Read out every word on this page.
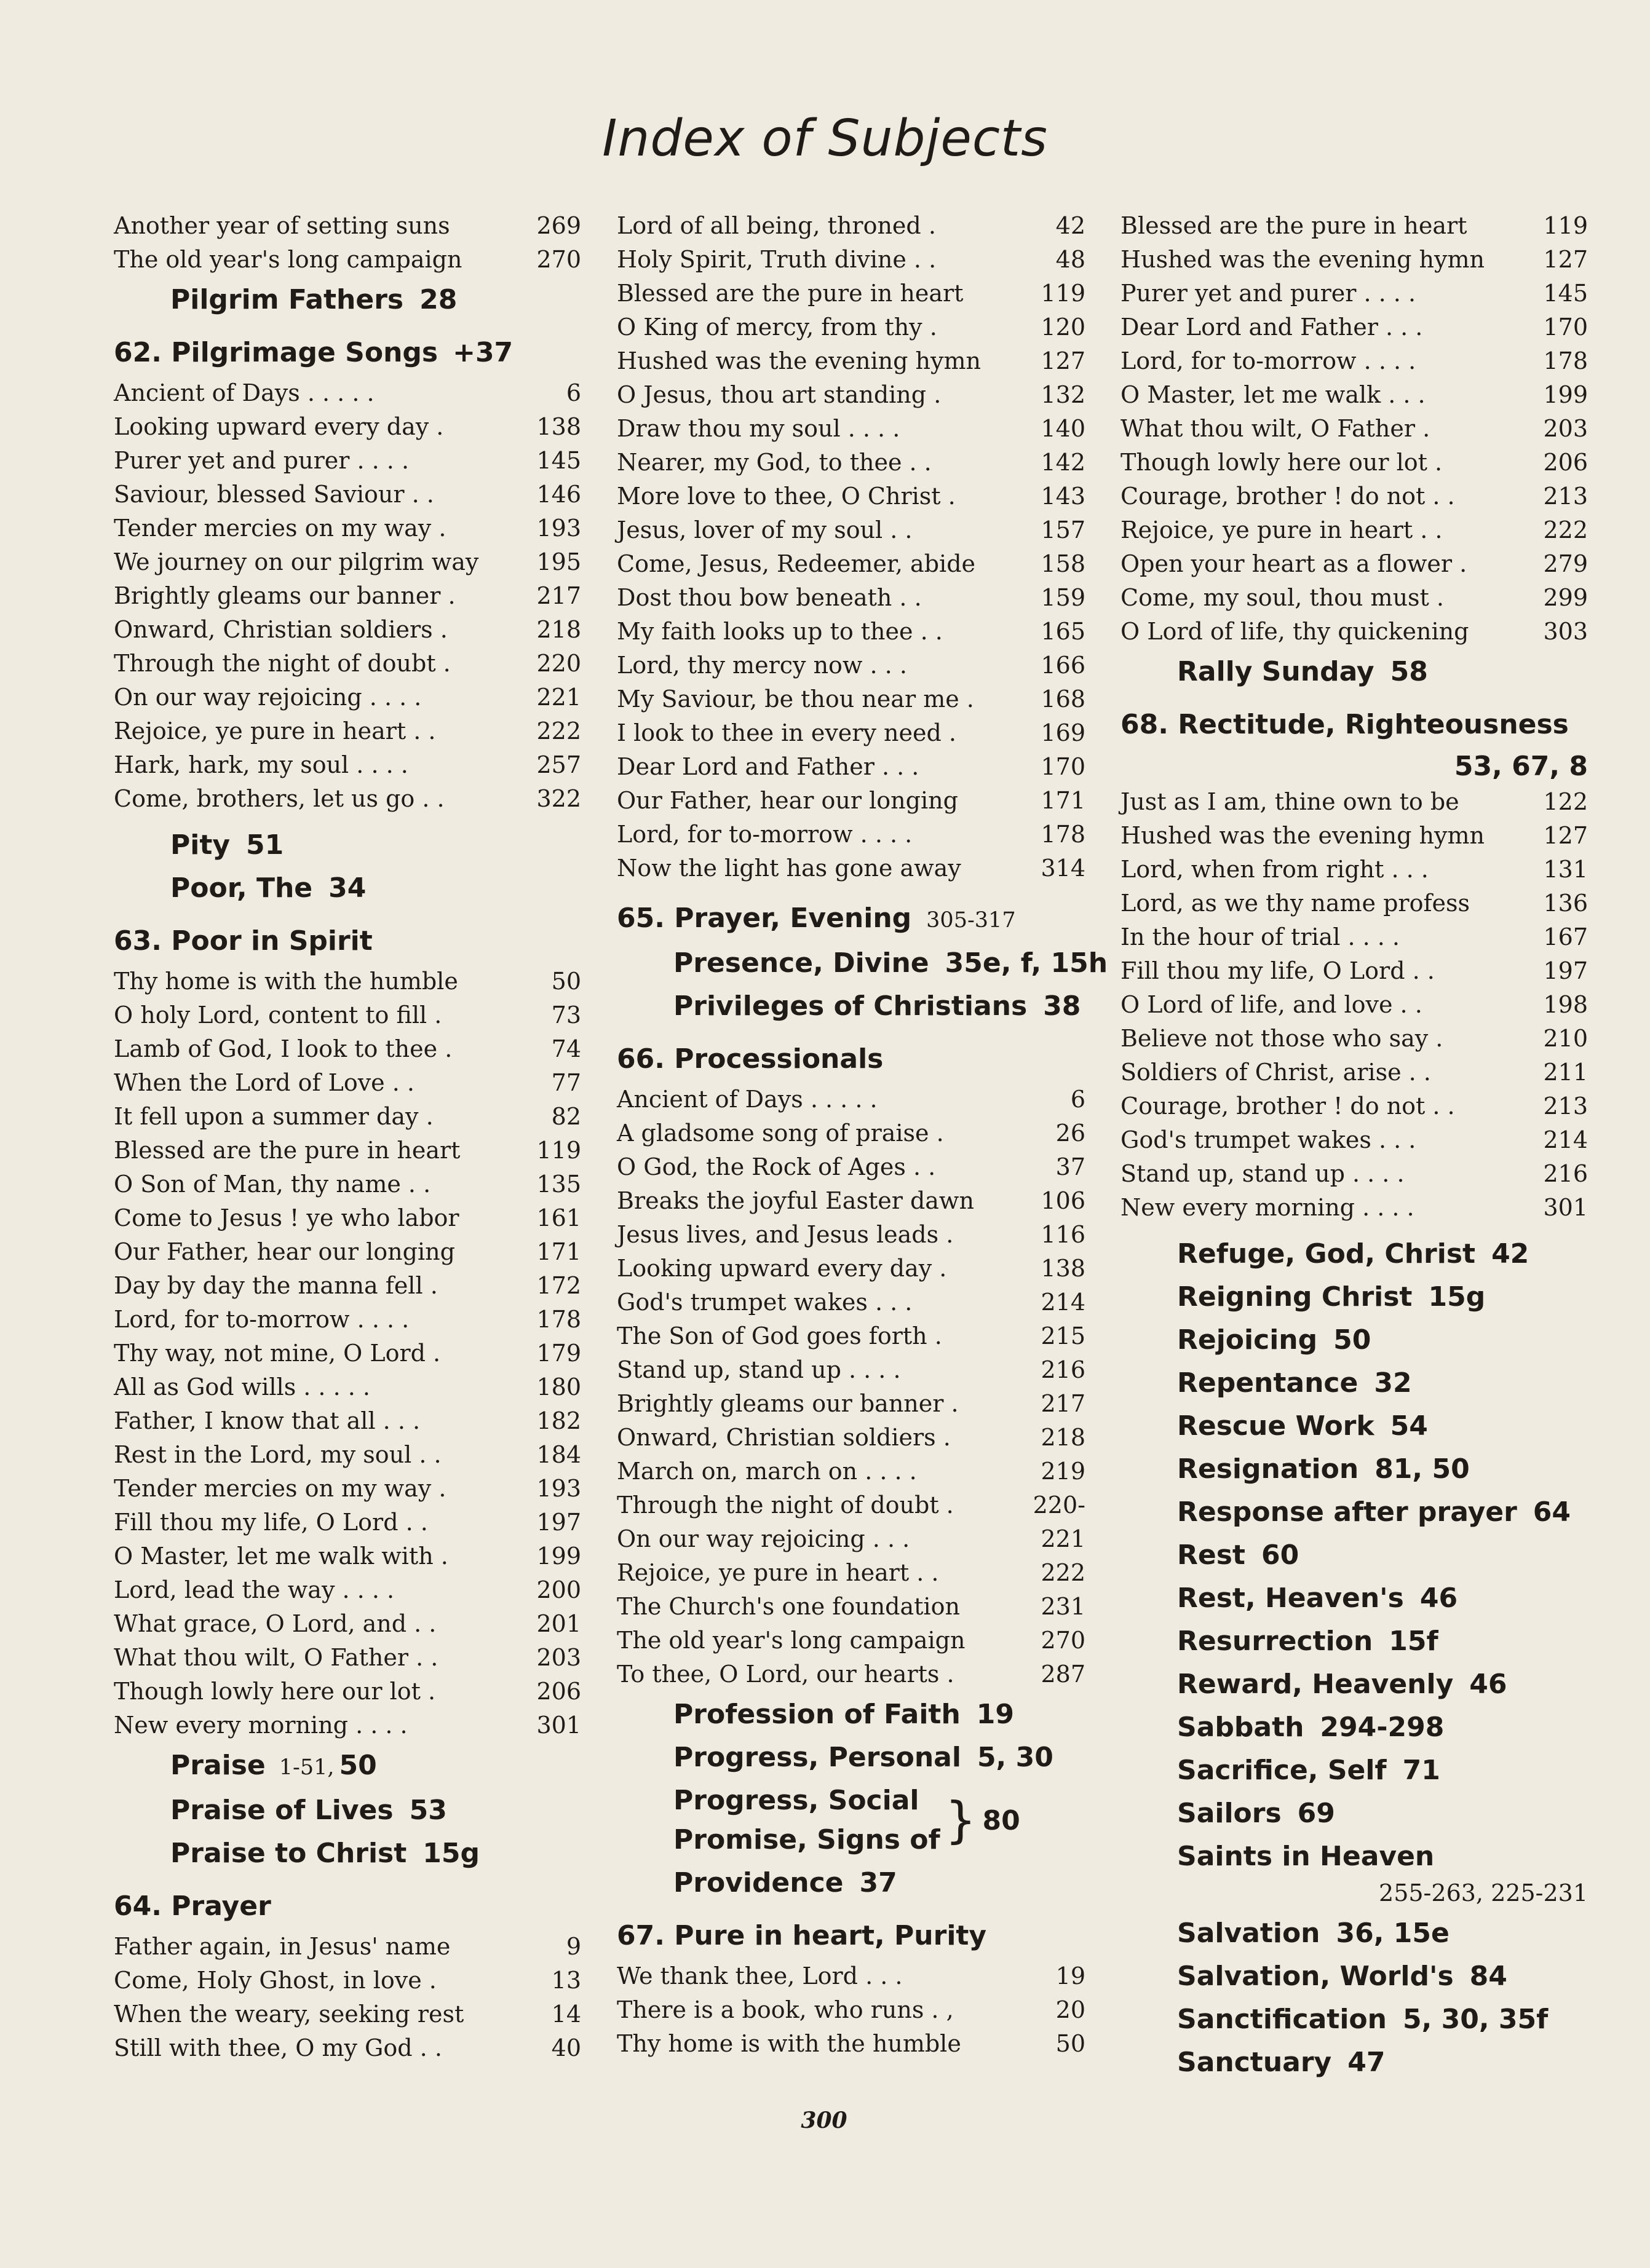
Index of Subjects
Another year of setting suns	269
The old year's long campaign	270
Pilgrim Fathers 28
62. Pilgrimage Songs +37
Ancient of Days . . . . .	6
Looking upward every day .	138
Purer yet and purer . . . .	145
Saviour, blessed Saviour . .	146
Tender mercies on my way .	193
We journey on our pilgrim way 195
Brightly gleams our banner .	217
Onward, Christian soldiers .	218
Through the night of doubt .	220
On our way rejoicing . . . .	221
Rejoice, ye pure in heart . .	222
Hark, hark, my soul . . . .	257
Come, brothers, let us go . .	322
Pity 51
Poor, The 34
63. Poor in Spirit
Thy home is with the humble	50
O holy Lord, content to fill .	73
Lamb of God, I look to thee .	74
When the Lord of Love . .	77
It fell upon a summer day .	82
Blessed are the pure in heart	119
O Son of Man, thy name . .	135
Come to Jesus ! ye who labor	161
Our Father, hear our longing	171
Day by day the manna fell .	172
Lord, for to-morrow . . . .	178
Thy way, not mine, O Lord .	179
All as God wills . . . . .	180
Father, I know that all . . .	182
Rest in the Lord, my soul . .	184
Tender mercies on my way .	193
Fill thou my life, O Lord . .	197
O Master, let me walk with .	199
Lord, lead the way . . . .	200
What grace, O Lord, and . .	201
What thou wilt, O Father . .	203
Though lowly here our lot .	206
New every morning . . . .	301
Praise 1-51, 50
Praise of Lives 53
Praise to Christ 15g
64. Prayer
Father again, in Jesus' name	9
Come, Holy Ghost, in love .	13
When the weary, seeking rest	14
Still with thee, O my God . .	40
Lord of all being, throned .	42
Holy Spirit, Truth divine . .	48
Blessed are the pure in heart	119
O King of mercy, from thy .	120
Hushed was the evening hymn	127
O Jesus, thou art standing .	132
Draw thou my soul . . . .	140
Nearer, my God, to thee . .	142
More love to thee, O Christ .	143
Jesus, lover of my soul . .	157
Come, Jesus, Redeemer, abide	158
Dost thou bow beneath . .	159
My faith looks up to thee . .	165
Lord, thy mercy now . . .	166
My Saviour, be thou near me .	168
I look to thee in every need .	169
Dear Lord and Father . . .	170
Our Father, hear our longing	171
Lord, for to-morrow . . . .	178
Now the light has gone away	314
65. Prayer, Evening 305-317
Presence, Divine 35e, f, 15h
Privileges of Christians 38
66. Processionals
Ancient of Days . . . . .	6
A gladsome song of praise .	26
O God, the Rock of Ages . .	37
Breaks the joyful Easter dawn	106
Jesus lives, and Jesus leads .	116
Looking upward every day .	138
God's trumpet wakes . . .	214
The Son of God goes forth .	215
Stand up, stand up . . . .	216
Brightly gleams our banner .	217
Onward, Christian soldiers .	218
March on, march on . . . .	219
Through the night of doubt .	220-
On our way rejoicing . . .	221
Rejoice, ye pure in heart . .	222
The Church's one foundation	231
The old year's long campaign	270
To thee, O Lord, our hearts .	287
Profession of Faith 19
Progress, Personal 5, 30
Progress, Social
Promise, Signs of } 80
Providence 37
67. Pure in heart, Purity
We thank thee, Lord . . .	19
There is a book, who runs . ,	20
Thy home is with the humble	50
Blessed are the pure in heart	119
Hushed was the evening hymn	127
Purer yet and purer . . . .	145
Dear Lord and Father . . .	170
Lord, for to-morrow . . . .	178
O Master, let me walk . . .	199
What thou wilt, O Father .	203
Though lowly here our lot .	206
Courage, brother ! do not . .	213
Rejoice, ye pure in heart . .	222
Open your heart as a flower .	279
Come, my soul, thou must .	299
O Lord of life, thy quickening	303
Rally Sunday 58
68. Rectitude, Righteousness
53, 67, 8
Just as I am, thine own to be	122
Hushed was the evening hymn	127
Lord, when from right . . .	131
Lord, as we thy name profess	136
In the hour of trial . . . .	167
Fill thou my life, O Lord . .	197
O Lord of life, and love . .	198
Believe not those who say .	210
Soldiers of Christ, arise . .	211
Courage, brother ! do not . .	213
God's trumpet wakes . . .	214
Stand up, stand up . . . .	216
New every morning . . . .	301
Refuge, God, Christ 42
Reigning Christ 15g
Rejoicing 50
Repentance 32
Rescue Work 54
Resignation 81, 50
Response after prayer 64
Rest 60
Rest, Heaven's 46
Resurrection 15f
Reward, Heavenly 46
Sabbath 294-298
Sacrifice, Self 71
Sailors 69
Saints in Heaven
255-263, 225-231
Salvation 36, 15e
Salvation, World's 84
Sanctification 5, 30, 35f
Sanctuary 47
300
